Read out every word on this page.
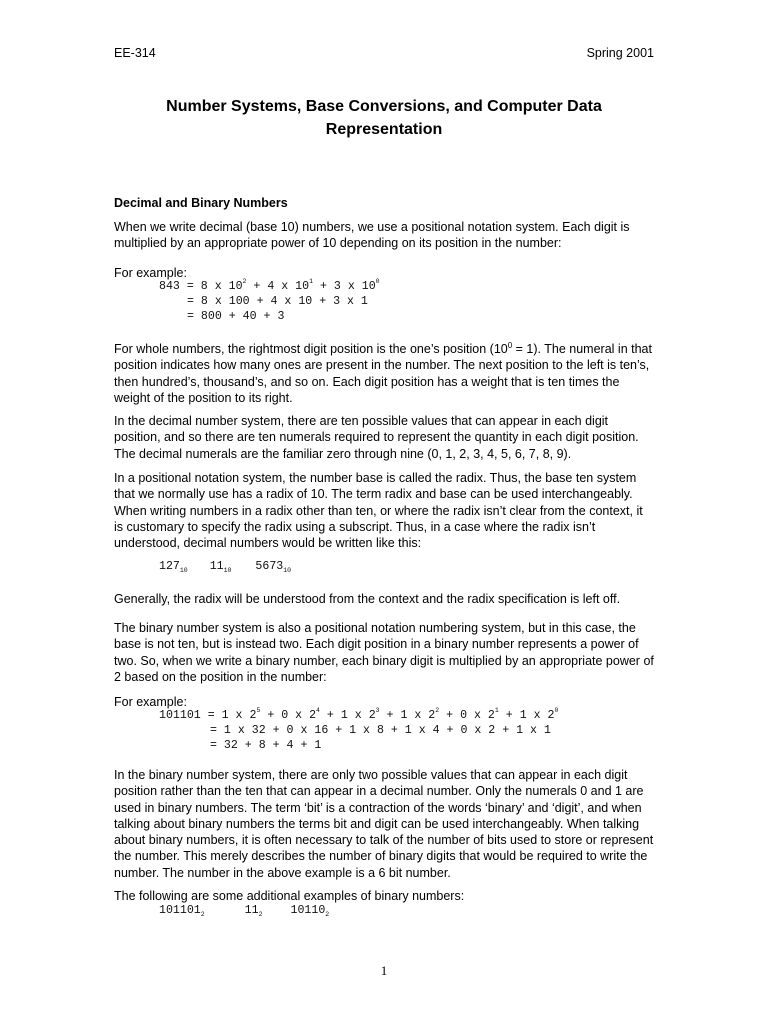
EE-314	Spring 2001
Number Systems, Base Conversions, and Computer Data
Representation
Decimal and Binary Numbers

When we write decimal (base 10) numbers, we use a positional notation system. Each digit is multiplied by an appropriate power of 10 depending on its position in the number:

For example:
843 = 8 x $10^2 + 4$ x $10^1 + 3$ x $10^0$
= 8 x 100 + 4 x 10 + 3 x 1
= 800 + 40 + 3

For whole numbers, the rightmost digit position is the one’s position $(10^0 = 1)$. The numeral in that position indicates how many ones are present in the number. The next position to the left is ten’s, then hundred’s, thousand’s, and so on. Each digit position has a weight that is ten times the weight of the position to its right.

In the decimal number system, there are ten possible values that can appear in each digit position, and so there are ten numerals required to represent the quantity in each digit position. The decimal numerals are the familiar zero through nine (0, 1, 2, 3, 4, 5, 6, 7, 8, 9).

In a positional notation system, the number base is called the radix. Thus, the base ten system that we normally use has a radix of 10. The term radix and base can be used interchangeably. When writing numbers in a radix other than ten, or where the radix isn’t clear from the context, it is customary to specify the radix using a subscript. Thus, in a case where the radix isn’t understood, decimal numbers would be written like this:

$127_{10}$ $11_{10}$ $5673_{10}$

Generally, the radix will be understood from the context and the radix specification is left off.

The binary number system is also a positional notation numbering system, but in this case, the base is not ten, but is instead two. Each digit position in a binary number represents a power of two. So, when we write a binary number, each binary digit is multiplied by an appropriate power of 2 based on the position in the number:

For example:
101101 = 1 x $2^5 + 0$ x $2^4 + 1$ x $2^3 + 1$ x $2^2 + 0$ x $2^1 + 1$ x $2^0$
= 1 x 32 + 0 x 16 + 1 x 8 + 1 x 4 + 0 x 2 + 1 x 1
= 32 + 8 + 4 + 1

In the binary number system, there are only two possible values that can appear in each digit position rather than the ten that can appear in a decimal number. Only the numerals 0 and 1 are used in binary numbers. The term ‘bit’ is a contraction of the words ‘binary’ and ‘digit’, and when talking about binary numbers the terms bit and digit can be used interchangeably. When talking about binary numbers, it is often necessary to talk of the number of bits used to store or represent the number. This merely describes the number of binary digits that would be required to write the number. The number in the above example is a 6 bit number.

The following are some additional examples of binary numbers:

$101101_2$	$11_2$ $10110_2$
1
